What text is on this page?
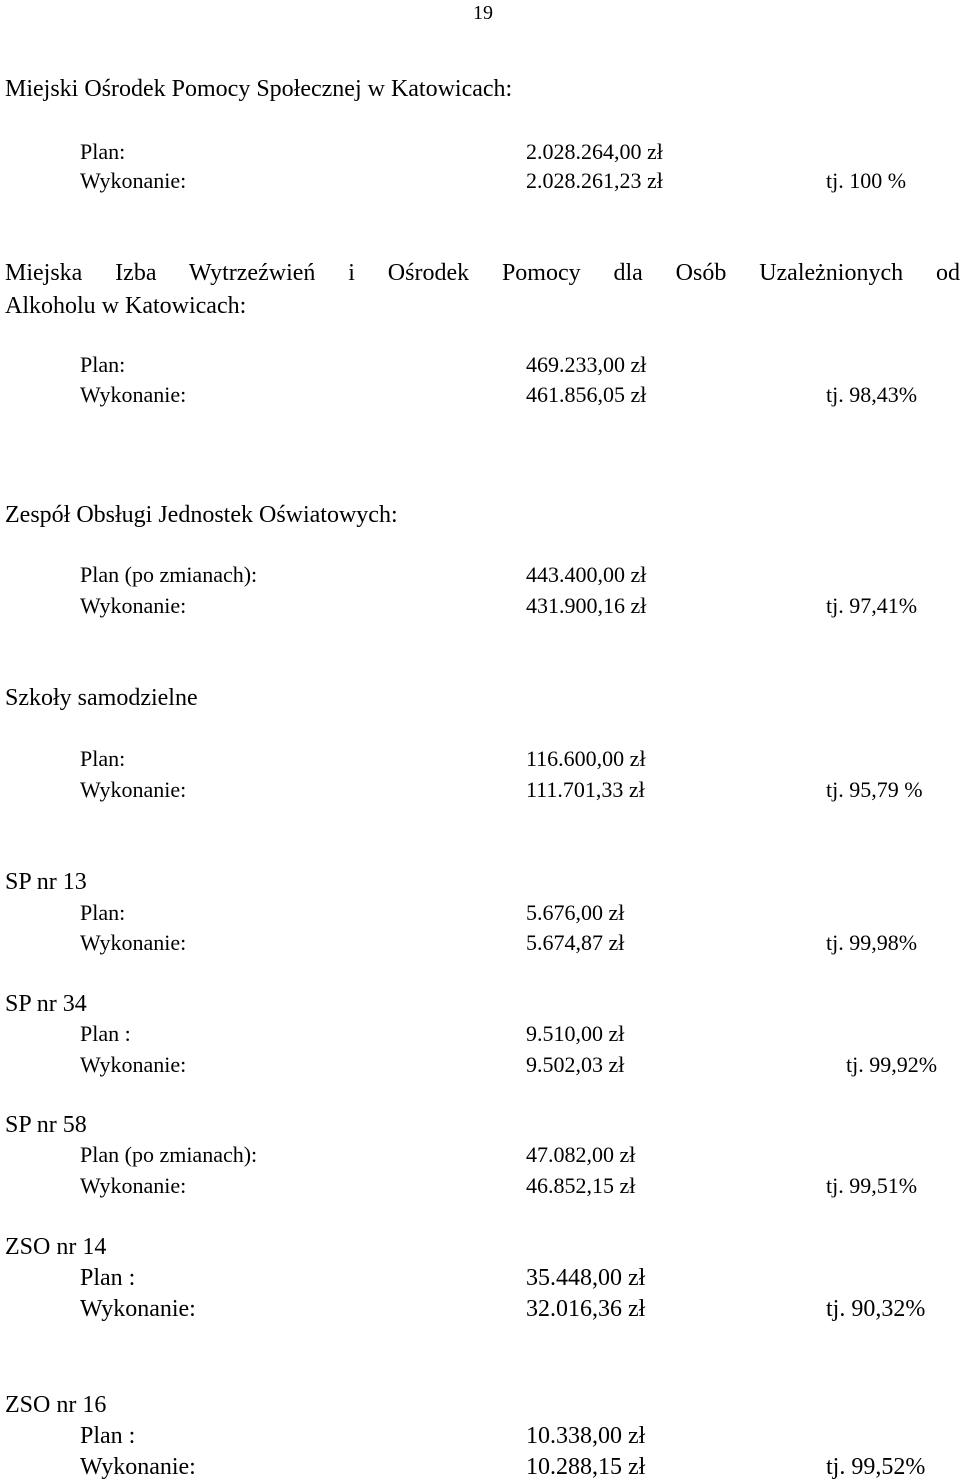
19
Miejski Ośrodek Pomocy Społecznej w Katowicach:
Plan:	2.028.264,00 zł
Wykonanie:	2.028.261,23 zł	tj. 100 %
Miejska Izba Wytrzeźwień i Ośrodek Pomocy dla Osób Uzależnionych od
Alkoholu w Katowicach:
Plan:	469.233,00 zł
Wykonanie:	461.856,05 zł	tj. 98,43%
Zespół Obsługi Jednostek Oświatowych:
Plan (po zmianach):	443.400,00 zł
Wykonanie:	431.900,16 zł	tj. 97,41%
Szkoły samodzielne
Plan:	116.600,00 zł
Wykonanie:	111.701,33 zł	tj. 95,79 %
SP nr 13
Plan:	5.676,00 zł
Wykonanie:	5.674,87 zł	tj. 99,98%
SP nr 34
Plan :	9.510,00 zł
Wykonanie:	9.502,03 zł	tj. 99,92%
SP nr 58
Plan (po zmianach):	47.082,00 zł
Wykonanie:	46.852,15 zł	tj. 99,51%
ZSO nr 14
Plan :	35.448,00 zł
Wykonanie:	32.016,36 zł	tj. 90,32%
ZSO nr 16
Plan :	10.338,00 zł
Wykonanie:	10.288,15 zł	tj. 99,52%
